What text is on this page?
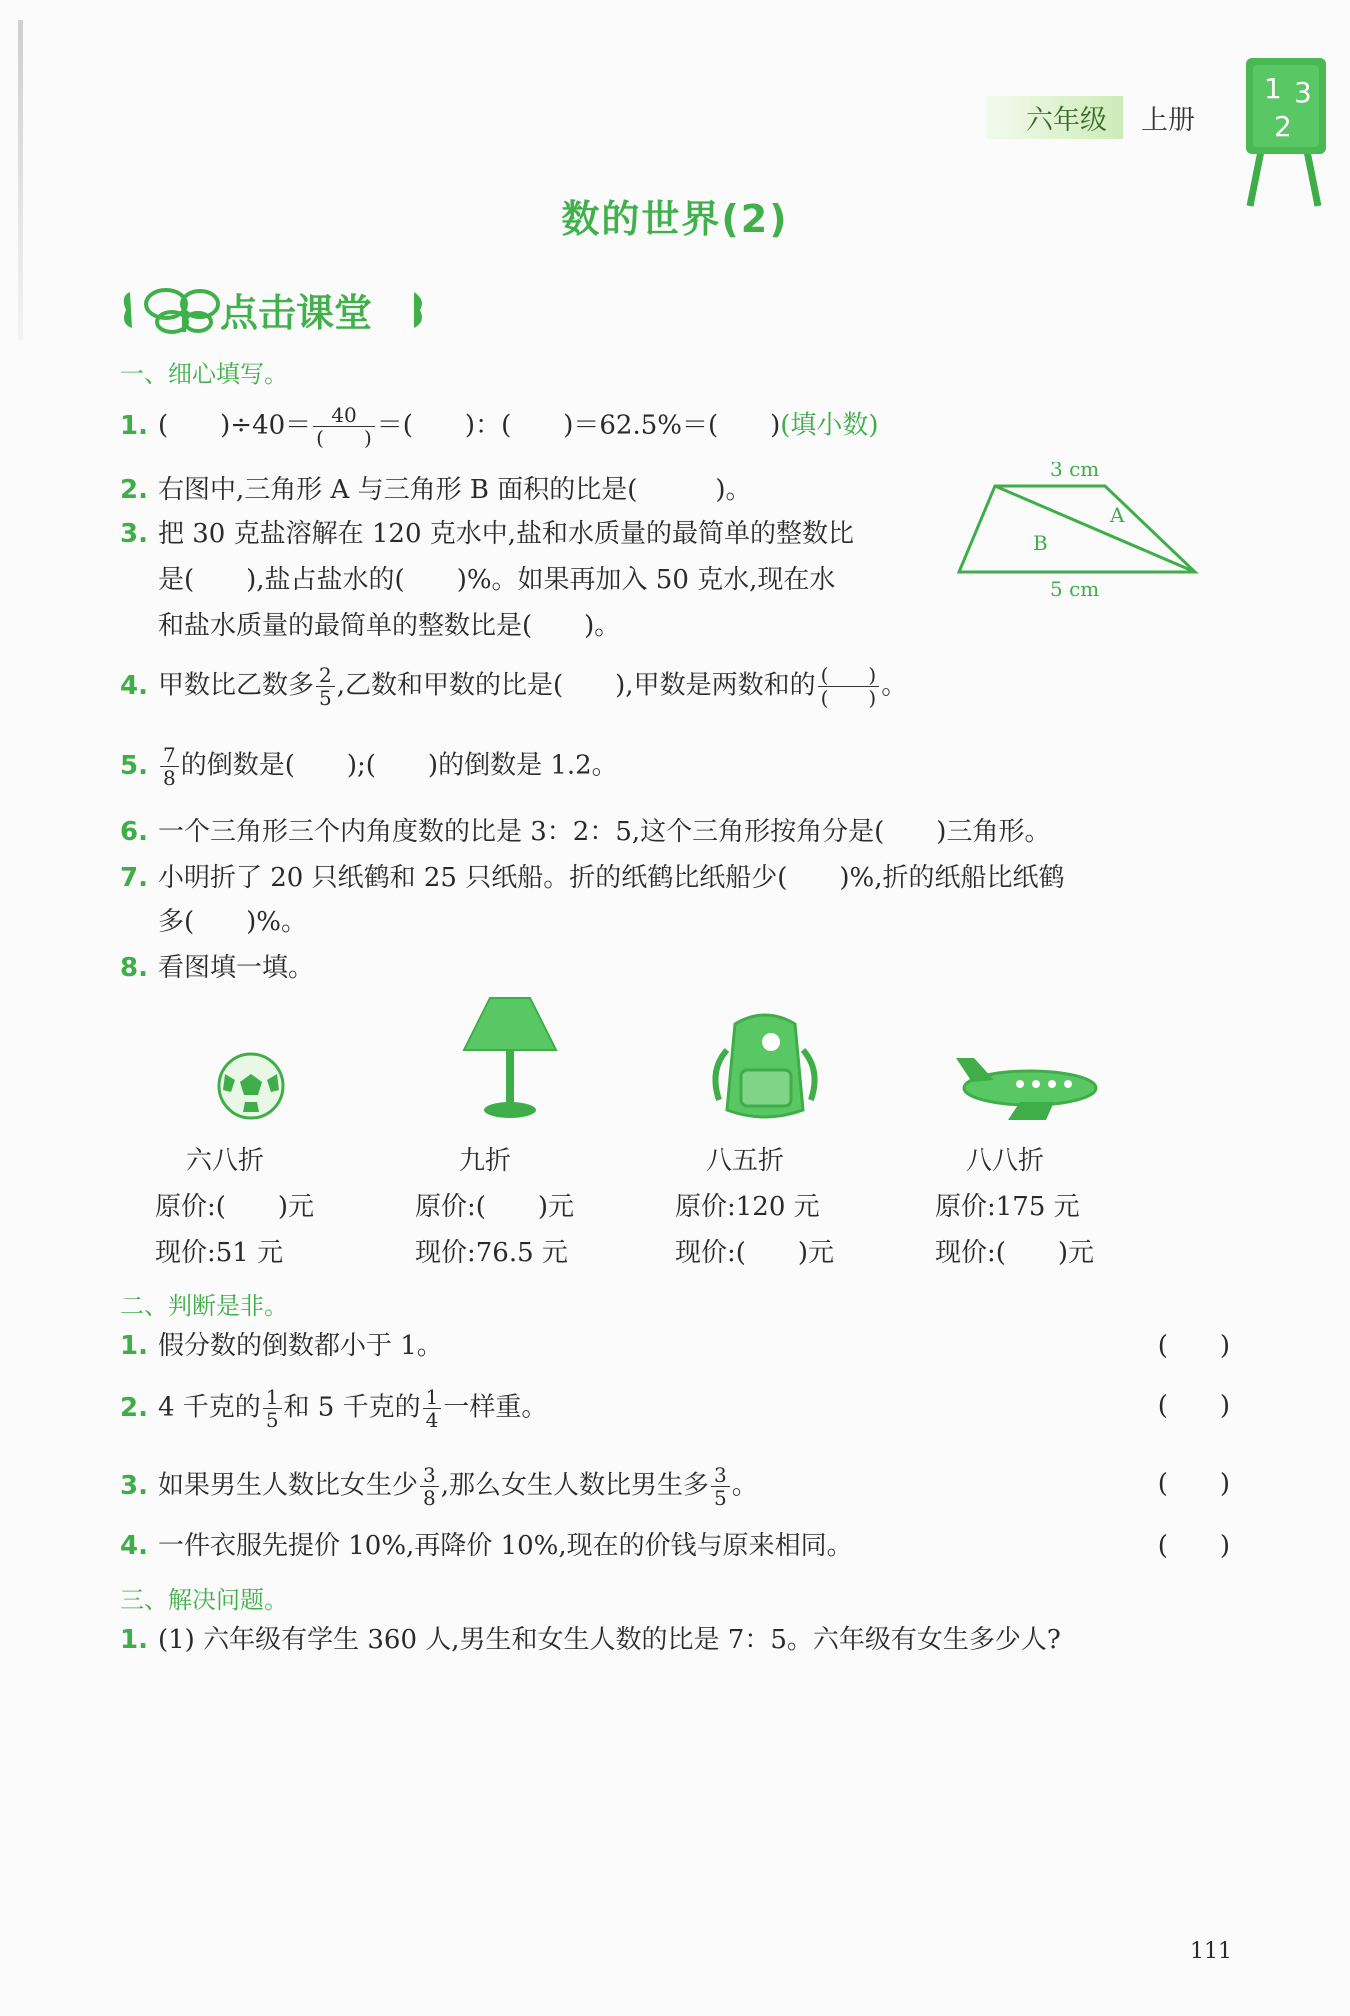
六年级	上册
1 3
2
数的世界(2)
点击课堂
一、细心填写。
1. (　　)$\div 40= \frac{40}{( )}$ ＝(　　)：(　　)＝62.5%＝(　　)(填小数)
2. 右图中,三角形 A 与三角形 B 面积的比是(　　　)。
3 cm
A
B
5 cm
3. 把 30 克盐溶解在 120 克水中,盐和水质量的最简单的整数比
是(　　),盐占盐水的(　　)%。如果再加入 50 克水,现在水
和盐水质量的最简单的整数比是(　　)。
4. 甲数比乙数多 $\frac{2}{5}$ ,乙数和甲数的比是(　　),甲数是两数和的 $\frac{( )}{( )}$ 。
5. $\frac{7}{8}$ 的倒数是(　　);(　　)的倒数是 1.2。
6. 一个三角形三个内角度数的比是 3：2：5,这个三角形按角分是(　　)三角形。
7. 小明折了 20 只纸鹤和 25 只纸船。折的纸鹤比纸船少(　　)%,折的纸船比纸鹤
多(　　)%。
8. 看图填一填。
六八折
原价:(　　)元
现价:51 元
九折
原价:(　　)元
现价:76.5 元
八五折
原价:120 元
现价:(　　)元
八八折
原价:175 元
现价:(　　)元
二、判断是非。
1. 假分数的倒数都小于 1。	(　　)
2. 4 千克的 $\frac{1}{5}$ 和 5 千克的 $\frac{1}{4}$ 一样重。	(　　)
3. 如果男生人数比女生少 $\frac{3}{8}$ ,那么女生人数比男生多 $\frac{3}{5}$ 。	(　　)
4. 一件衣服先提价 10%,再降价 10%,现在的价钱与原来相同。	(　　)
三、解决问题。
1. (1) 六年级有学生 360 人,男生和女生人数的比是 7：5。六年级有女生多少人?
111
